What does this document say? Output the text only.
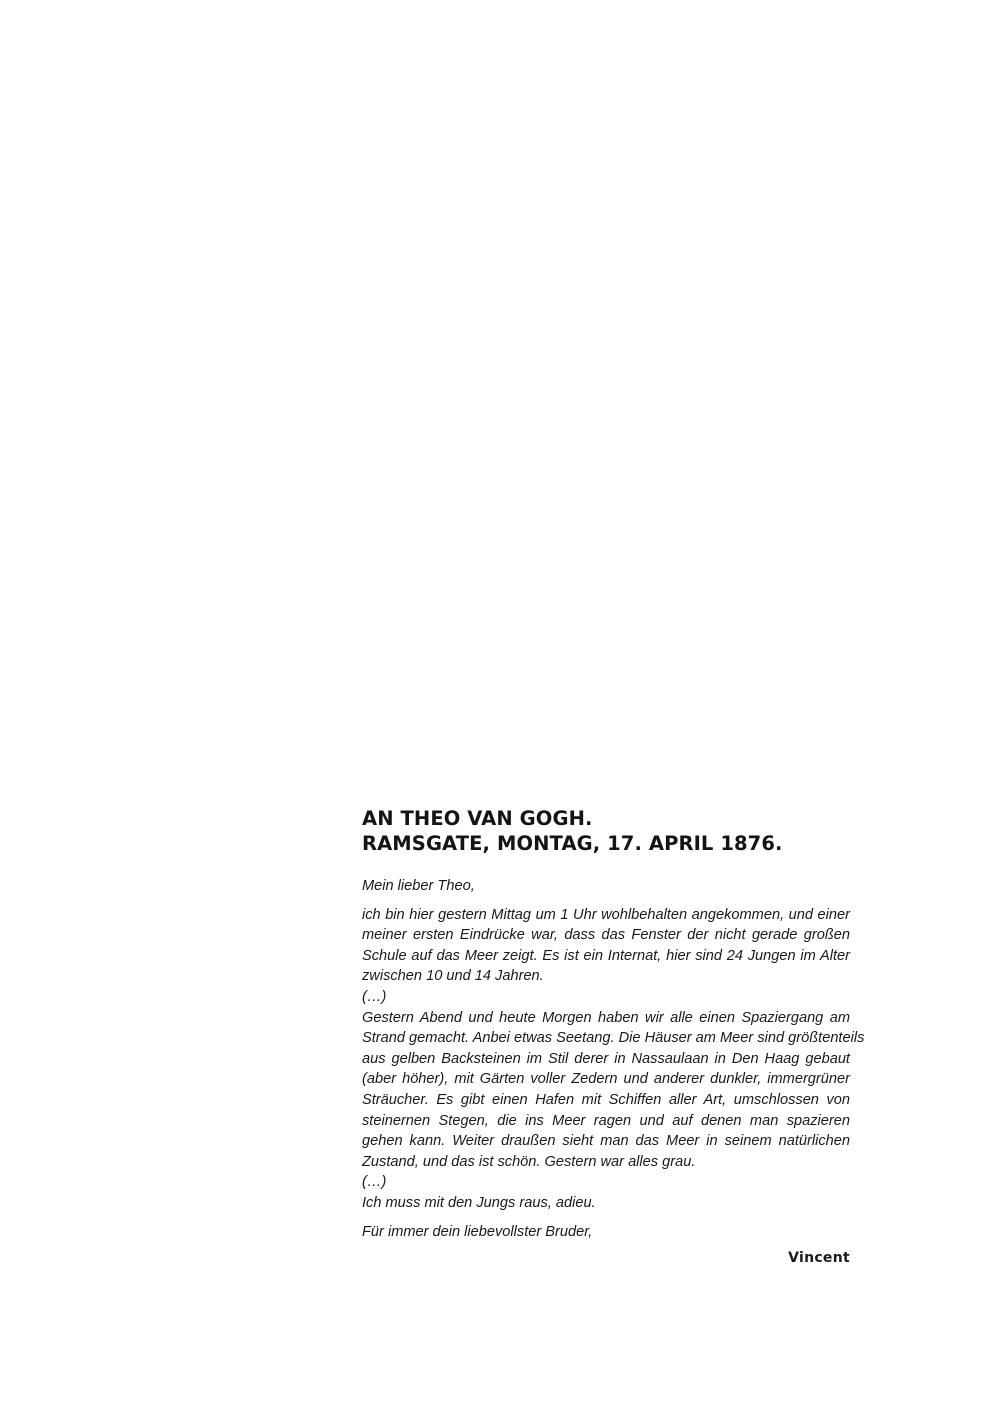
AN THEO VAN GOGH.
RAMSGATE, MONTAG, 17. APRIL 1876.

Mein lieber Theo,

ich bin hier gestern Mittag um 1 Uhr wohlbehalten angekommen, und einer
meiner ersten Eindrücke war, dass das Fenster der nicht gerade großen
Schule auf das Meer zeigt. Es ist ein Internat, hier sind 24 Jungen im Alter
zwischen 10 und 14 Jahren.
(…)
Gestern Abend und heute Morgen haben wir alle einen Spaziergang am
Strand gemacht. Anbei etwas Seetang. Die Häuser am Meer sind größtenteils
aus gelben Backsteinen im Stil derer in Nassaulaan in Den Haag gebaut
(aber höher), mit Gärten voller Zedern und anderer dunkler, immergrüner
Sträucher. Es gibt einen Hafen mit Schiffen aller Art, umschlossen von
steinernen Stegen, die ins Meer ragen und auf denen man spazieren
gehen kann. Weiter draußen sieht man das Meer in seinem natürlichen
Zustand, und das ist schön. Gestern war alles grau.
(…)
Ich muss mit den Jungs raus, adieu.

Für immer dein liebevollster Bruder,

Vincent
